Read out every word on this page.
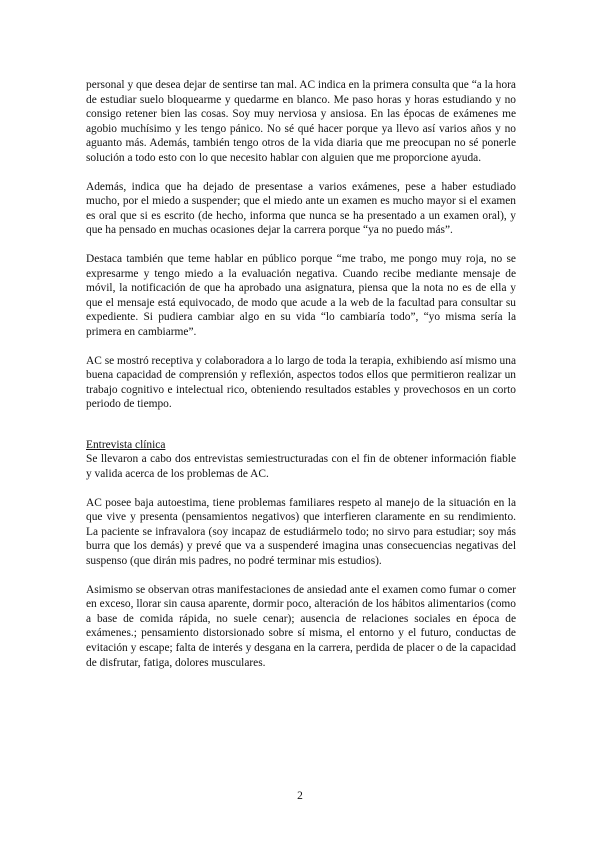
personal y que desea dejar de sentirse tan mal. AC indica en la primera consulta que “a la hora de estudiar suelo bloquearme y quedarme en blanco. Me paso horas y horas estudiando y no consigo retener bien las cosas. Soy muy nerviosa y ansiosa. En las épocas de exámenes me agobio muchísimo y les tengo pánico. No sé qué hacer porque ya llevo así varios años y no aguanto más. Además, también tengo otros de la vida diaria que me preocupan no sé ponerle solución a todo esto con lo que necesito hablar con alguien que me proporcione ayuda.

Además, indica que ha dejado de presentase a varios exámenes, pese a haber estudiado mucho, por el miedo a suspender; que el miedo ante un examen es mucho mayor si el examen es oral que si es escrito (de hecho, informa que nunca se ha presentado a un examen oral), y que ha pensado en muchas ocasiones dejar la carrera porque “ya no puedo más”.

Destaca también que teme hablar en público porque “me trabo, me pongo muy roja, no se expresarme y tengo miedo a la evaluación negativa. Cuando recibe mediante mensaje de móvil, la notificación de que ha aprobado una asignatura, piensa que la nota no es de ella y que el mensaje está equivocado, de modo que acude a la web de la facultad para consultar su expediente. Si pudiera cambiar algo en su vida “lo cambiaría todo”, “yo misma sería la primera en cambiarme”.

AC se mostró receptiva y colaboradora a lo largo de toda la terapia, exhibiendo así mismo una buena capacidad de comprensión y reflexión, aspectos todos ellos que permitieron realizar un trabajo cognitivo e intelectual rico, obteniendo resultados estables y provechosos en un corto periodo de tiempo.

Entrevista clínica

Se llevaron a cabo dos entrevistas semiestructuradas con el fin de obtener información fiable y valida acerca de los problemas de AC.

AC posee baja autoestima, tiene problemas familiares respeto al manejo de la situación en la que vive y presenta (pensamientos negativos) que interfieren claramente en su rendimiento. La paciente se infravalora (soy incapaz de estudiármelo todo; no sirvo para estudiar; soy más burra que los demás) y prevé que va a suspenderé imagina unas consecuencias negativas del suspenso (que dirán mis padres, no podré terminar mis estudios).

Asimismo se observan otras manifestaciones de ansiedad ante el examen como fumar o comer en exceso, llorar sin causa aparente, dormir poco, alteración de los hábitos alimentarios (como a base de comida rápida, no suele cenar); ausencia de relaciones sociales en época de exámenes.; pensamiento distorsionado sobre sí misma, el entorno y el futuro, conductas de evitación y escape; falta de interés y desgana en la carrera, perdida de placer o de la capacidad de disfrutar, fatiga, dolores musculares.

2
